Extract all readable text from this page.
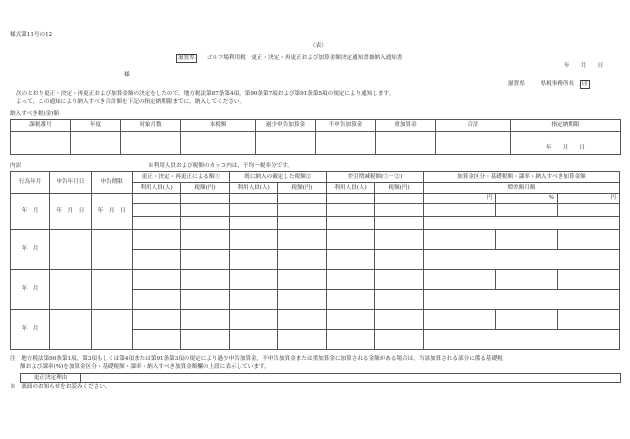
様式第11号の12
（表）
滋賀県 ゴルフ場利用税　更正・決定・再更正および加算金額決定通知書兼納入通知書
年　　月　　日
様
滋賀県	県税事務所長 印
次のとおり更正・決定・再更正および加算金額の決定をしたので，地方税法第87条第4項，第90条第7項および第91条第5項の規定により通知します。
よって，この通知により納入すべき合計額を下記の指定納期限までに，納入してください。
納入すべき税(金)額
課税番号	年度	対象月数	本税額	過少申告加算金	不申告加算金	重加算金	合計	指定納期限
								年　　月　　日
内訳	※利用人員および税額のカッコ内は，不均一税率分です。
行為年月	申告年月日	申告期限	更正・決定・再更正による額①		既に納入の確定した税額②		差引増減税額(①－②)		加算金区分・基礎税額・課率・納入すべき加算金額		
			利用人員(人)	税額(円)	利用人員(人)	税額(円)	利用人員(人)	税額(円)	増差額月額		
年　月	年　月　日	年　月　日							円	%	円

年　月											

年　月											

年　月											

注　地方税法第90条第1項，第3項もしくは第4項または第91条第3項の規定により過少申告加算金，不申告加算金または重加算金に加算される金額がある場合は，当該加算される部分に係る基礎税
額および課率(%)を加算金区分・基礎税額・課率・納入すべき加算金額欄の上段に表示しています。
更正決定理由	
※　裏面のお知らせをお読みください。
